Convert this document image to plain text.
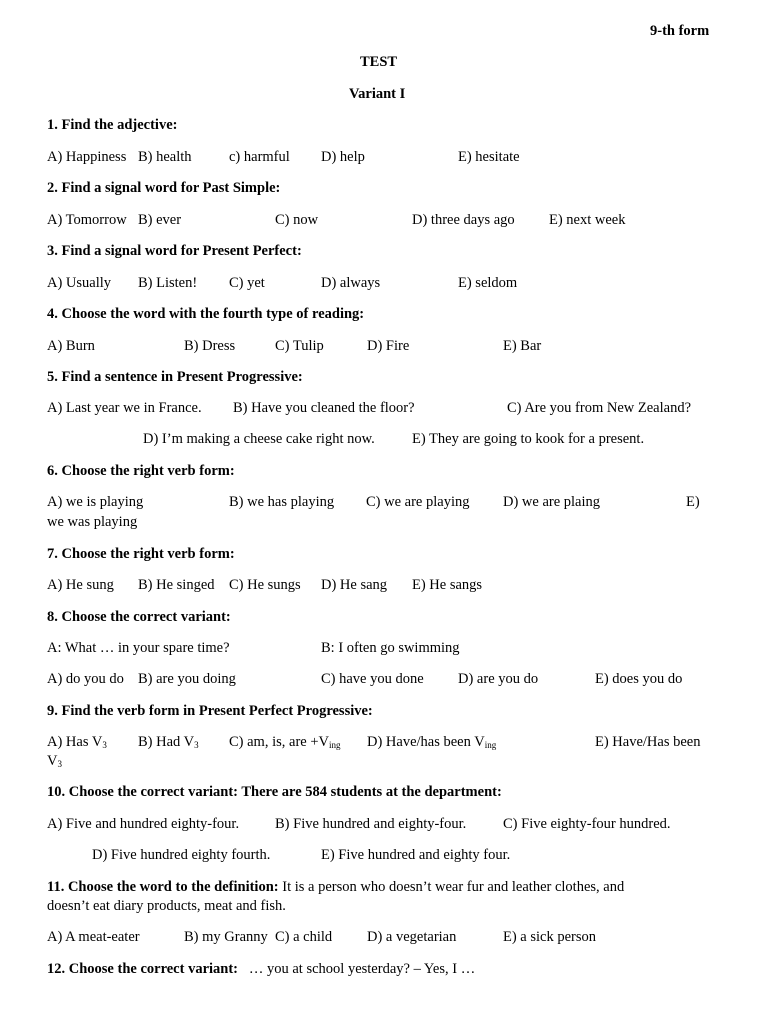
9-th form
TEST
Variant I
1. Find the adjective:
A) Happiness B) health	c) harmful D) help	E) hesitate
2. Find a signal word for Past Simple:
A) Tomorrow B) ever	C) now	D) three days ago E) next week
3. Find a signal word for Present Perfect:
A) Usually B) Listen! C) yet	D) always	E) seldom
4. Choose the word with the fourth type of reading:
A) Burn	B) Dress	C) Tulip	D) Fire	E) Bar
5. Find a sentence in Present Progressive:
A) Last year we in France. B) Have you cleaned the floor?	C) Are you from New Zealand?
D) I’m making a cheese cake right now.	E) They are going to kook for a present.
6. Choose the right verb form:
A) we is playing	B) we has playing C) we are playing D) we are plaing	E)
we was playing
7. Choose the right verb form:
A) He sung B) He singed C) He sungs D) He sang E) He sangs
8. Choose the correct variant:
A: What … in your spare time?	B: I often go swimming
A) do you do B) are you doing	C) have you done D) are you do	E) does you do
9. Find the verb form in Present Perfect Progressive:
A) Has $V_3$ B) Had $V_3$ C) am, is, are $+V_{ing}$ D) Have/has been $V_{ing}$	E) Have/Has been
$V_3$
10. Choose the correct variant: There are 584 students at the department:
A) Five and hundred eighty-four. B) Five hundred and eighty-four.	C) Five eighty-four hundred.
D) Five hundred eighty fourth.	E) Five hundred and eighty four.
11. Choose the word to the definition: It is a person who doesn’t wear fur and leather clothes, and
doesn’t eat diary products, meat and fish.
A) A meat-eater	B) my Granny C) a child D) a vegetarian	E) a sick person
12. Choose the correct variant:   … you at school yesterday? – Yes, I …
